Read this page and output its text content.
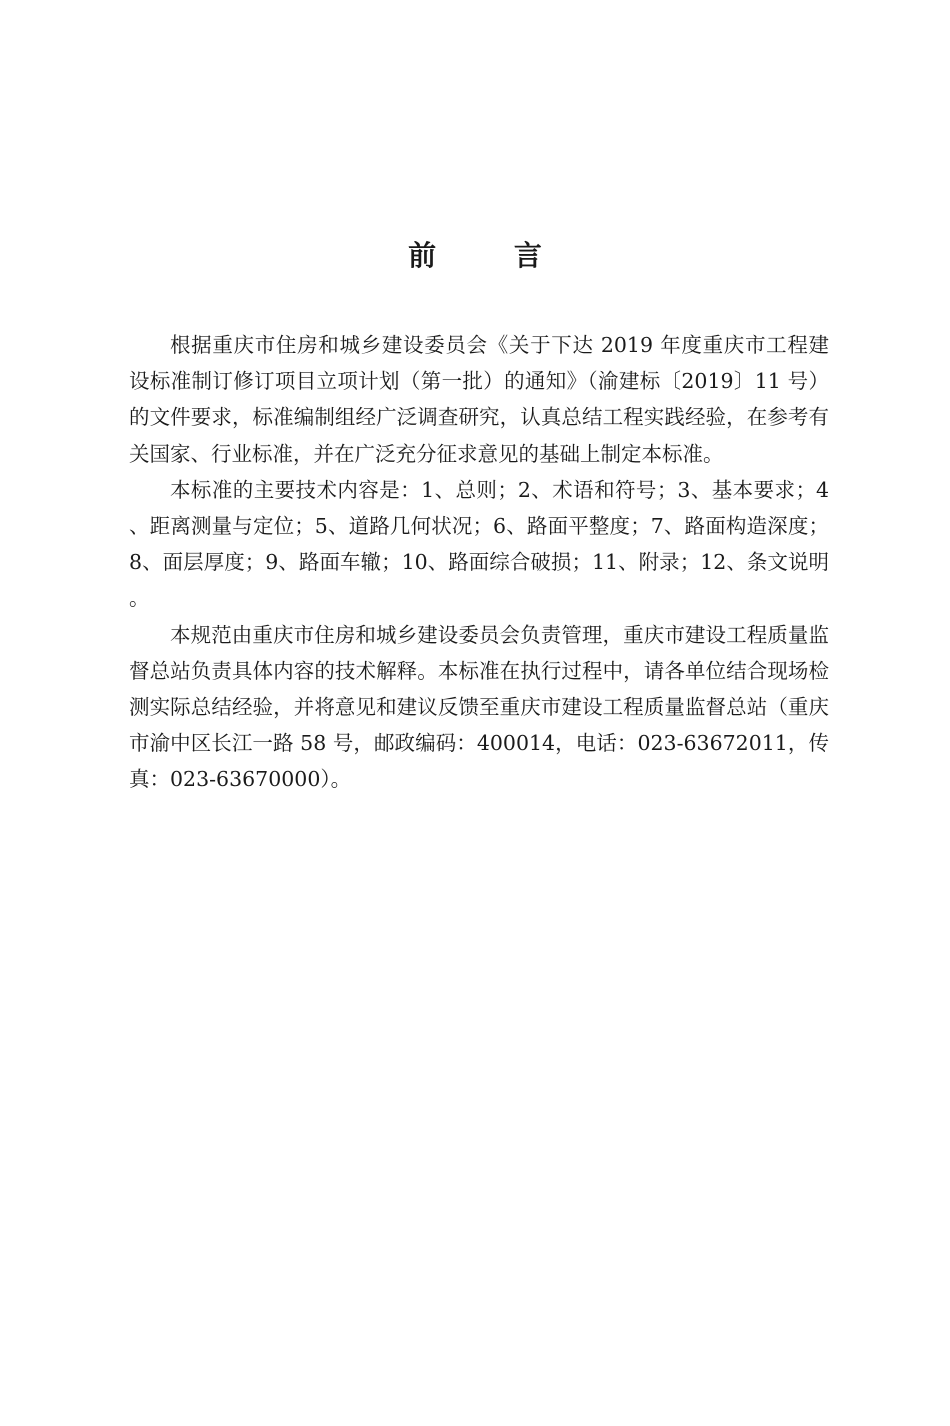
前 言

根据重庆市住房和城乡建设委员会《关于下达 2019 年度重庆市工程建设标准制订修订项目立项计划（第一批）的通知》（渝建标〔2019〕11 号）的文件要求，标准编制组经广泛调查研究，认真总结工程实践经验，在参考有关国家、行业标准，并在广泛充分征求意见的基础上制定本标准。

本标准的主要技术内容是：1、总则；2、术语和符号；3、基本要求；4、距离测量与定位；5、道路几何状况；6、路面平整度；7、路面构造深度；8、面层厚度；9、路面车辙；10、路面综合破损；11、附录；12、条文说明。

本规范由重庆市住房和城乡建设委员会负责管理，重庆市建设工程质量监督总站负责具体内容的技术解释。本标准在执行过程中，请各单位结合现场检测实际总结经验，并将意见和建议反馈至重庆市建设工程质量监督总站（重庆市渝中区长江一路 58 号，邮政编码：400014，电话：023-63672011，传真：023-63670000）。
